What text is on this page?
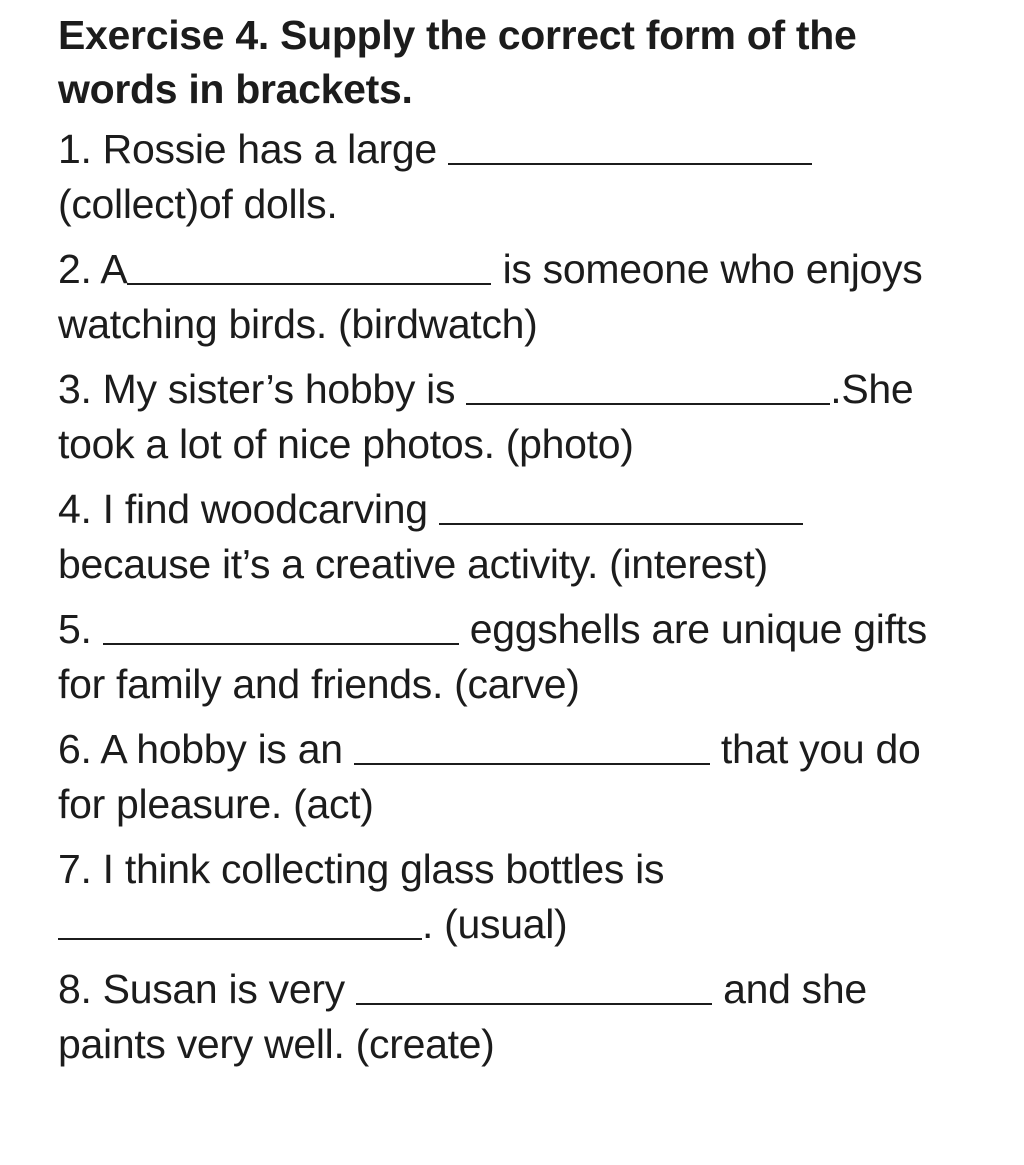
Exercise 4. Supply the correct form of the words in brackets.
1. Rossie has a large  (collect)of dolls.
2. A	is someone who enjoys watching birds. (birdwatch)
3. My sister’s hobby is	.She took a lot of nice photos. (photo)
4. I find woodcarving  because it’s a creative activity. (interest)
5.	eggshells are unique gifts for family and friends. (carve)
6. A hobby is an	that you do for pleasure. (act)
7. I think collecting glass bottles is . (usual)
8. Susan is very	and she paints very well. (create)
